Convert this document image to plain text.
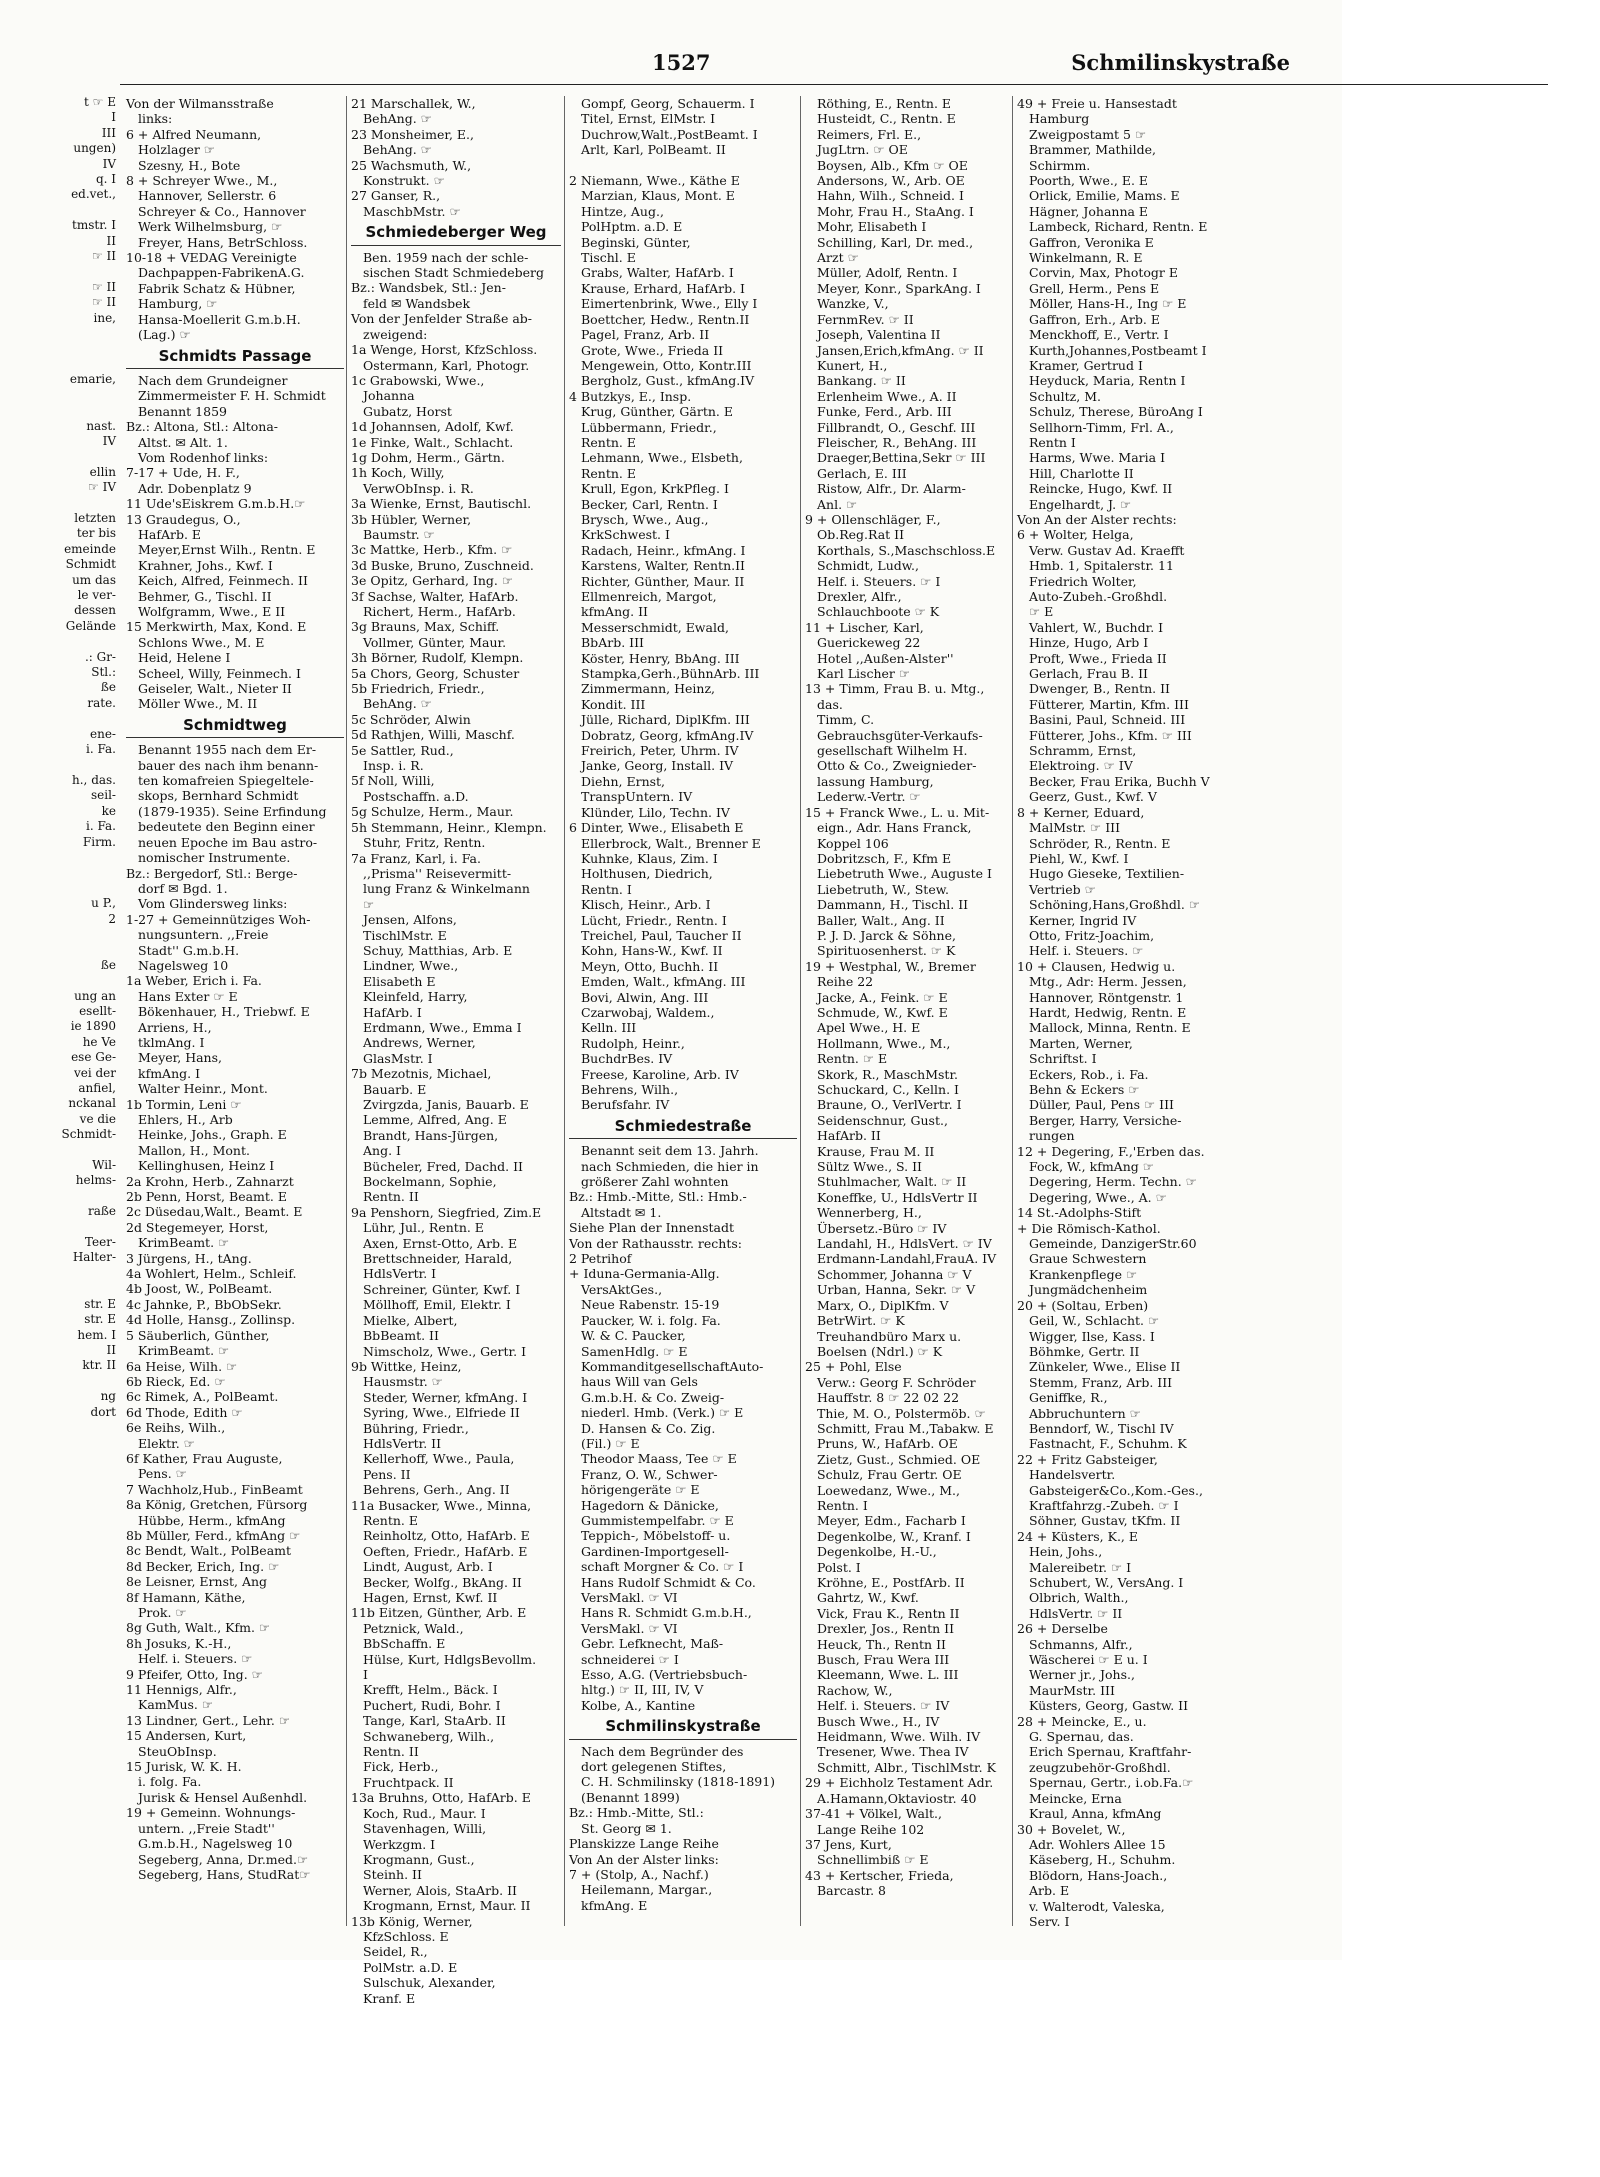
1527	Schmilinskystraße
t ☞ E
I
III
ungen)
IV
q. I
ed.vet.,

tmstr. I
II
☞ II

☞ II
☞ II
ine,

emarie,

nast.
IV

ellin
☞ IV

letzten
ter bis
emeinde
Schmidt
um das
le ver-
dessen
Gelände

.: Gr-
Stl.:
ße
rate.

ene-
i. Fa.

h., das.
seil-
ke
i. Fa.
Firm.

u P.,
2

ße

ung an
esellt-
ie 1890
he Ve
ese Ge-
vei der
anfiel,
nckanal
ve die
Schmidt-

Wil-
helms-

raße

Teer-
Halter-

str. E
str. E
hem. I
II
ktr. II

ng
dort
Von der Wilmansstraße
links:
6 + Alfred Neumann,
Holzlager ☞
Szesny, H., Bote
8 + Schreyer Wwe., M.,
Hannover, Sellerstr. 6
Schreyer & Co., Hannover
Werk Wilhelmsburg, ☞
Freyer, Hans, BetrSchloss.
10-18 + VEDAG Vereinigte
Dachpappen-FabrikenA.G.
Fabrik Schatz & Hübner,
Hamburg, ☞
Hansa-Moellerit G.m.b.H.
(Lag.) ☞
Schmidts Passage
Nach dem Grundeigner
Zimmermeister F. H. Schmidt
Benannt 1859
Bz.: Altona, Stl.: Altona-
Altst. ✉ Alt. 1.
Vom Rodenhof links:
7-17 + Ude, H. F.,
Adr. Dobenplatz 9
11 Ude'sEiskrem G.m.b.H.☞
13 Graudegus, O.,
HafArb. E
Meyer,Ernst Wilh., Rentn. E
Krahner, Johs., Kwf. I
Keich, Alfred, Feinmech. II
Behmer, G., Tischl. II
Wolfgramm, Wwe., E II
15 Merkwirth, Max, Kond. E
Schlons Wwe., M. E
Heid, Helene I
Scheel, Willy, Feinmech. I
Geiseler, Walt., Nieter II
Möller Wwe., M. II
Schmidtweg
Benannt 1955 nach dem Er-
bauer des nach ihm benann-
ten komafreien Spiegeltele-
skops, Bernhard Schmidt
(1879-1935). Seine Erfindung
bedeutete den Beginn einer
neuen Epoche im Bau astro-
nomischer Instrumente.
Bz.: Bergedorf, Stl.: Berge-
dorf ✉ Bgd. 1.
Vom Glindersweg links:
1-27 + Gemeinnütziges Woh-
nungsuntern. ,,Freie
Stadt'' G.m.b.H.
Nagelsweg 10
1a Weber, Erich i. Fa.
Hans Exter ☞ E
Bökenhauer, H., Triebwf. E
Arriens, H.,
tklmAng. I
Meyer, Hans,
kfmAng. I
Walter Heinr., Mont.
1b Tormin, Leni ☞
Ehlers, H., Arb
Heinke, Johs., Graph. E
Mallon, H., Mont.
Kellinghusen, Heinz I
2a Krohn, Herb., Zahnarzt
2b Penn, Horst, Beamt. E
2c Düsedau,Walt., Beamt. E
2d Stegemeyer, Horst,
KrimBeamt. ☞
3 Jürgens, H., tAng.
4a Wohlert, Helm., Schleif.
4b Joost, W., PolBeamt.
4c Jahnke, P., BbObSekr.
4d Holle, Hansg., Zollinsp.
5 Säuberlich, Günther,
KrimBeamt. ☞
6a Heise, Wilh. ☞
6b Rieck, Ed. ☞
6c Rimek, A., PolBeamt.
6d Thode, Edith ☞
6e Reihs, Wilh.,
Elektr. ☞
6f Kather, Frau Auguste,
Pens. ☞
7 Wachholz,Hub., FinBeamt
8a König, Gretchen, Fürsorg
Hübbe, Herm., kfmAng
8b Müller, Ferd., kfmAng ☞
8c Bendt, Walt., PolBeamt
8d Becker, Erich, Ing. ☞
8e Leisner, Ernst, Ang
8f Hamann, Käthe,
Prok. ☞
8g Guth, Walt., Kfm. ☞
8h Josuks, K.-H.,
Helf. i. Steuers. ☞
9 Pfeifer, Otto, Ing. ☞
11 Hennigs, Alfr.,
KamMus. ☞
13 Lindner, Gert., Lehr. ☞
15 Andersen, Kurt,
SteuObInsp.
15 Jurisk, W. K. H.
i. folg. Fa.
Jurisk & Hensel Außenhdl.
19 + Gemeinn. Wohnungs-
untern. ,,Freie Stadt''
G.m.b.H., Nagelsweg 10
Segeberg, Anna, Dr.med.☞
Segeberg, Hans, StudRat☞
21 Marschallek, W.,
BehAng. ☞
23 Monsheimer, E.,
BehAng. ☞
25 Wachsmuth, W.,
Konstrukt. ☞
27 Ganser, R.,
MaschbMstr. ☞
Schmiedeberger Weg
Ben. 1959 nach der schle-
sischen Stadt Schmiedeberg
Bz.: Wandsbek, Stl.: Jen-
feld ✉ Wandsbek
Von der Jenfelder Straße ab-
zweigend:
1a Wenge, Horst, KfzSchloss.
Ostermann, Karl, Photogr.
1c Grabowski, Wwe.,
Johanna
Gubatz, Horst
1d Johannsen, Adolf, Kwf.
1e Finke, Walt., Schlacht.
1g Dohm, Herm., Gärtn.
1h Koch, Willy,
VerwObInsp. i. R.
3a Wienke, Ernst, Bautischl.
3b Hübler, Werner,
Baumstr. ☞
3c Mattke, Herb., Kfm. ☞
3d Buske, Bruno, Zuschneid.
3e Opitz, Gerhard, Ing. ☞
3f Sachse, Walter, HafArb.
Richert, Herm., HafArb.
3g Brauns, Max, Schiff.
Vollmer, Günter, Maur.
3h Börner, Rudolf, Klempn.
5a Chors, Georg, Schuster
5b Friedrich, Friedr.,
BehAng. ☞
5c Schröder, Alwin
5d Rathjen, Willi, Maschf.
5e Sattler, Rud.,
Insp. i. R.
5f Noll, Willi,
Postschaffn. a.D.
5g Schulze, Herm., Maur.
5h Stemmann, Heinr., Klempn.
Stuhr, Fritz, Rentn.
7a Franz, Karl, i. Fa.
,,Prisma'' Reisevermitt-
lung Franz & Winkelmann
☞
Jensen, Alfons,
TischlMstr. E
Schuy, Matthias, Arb. E
Lindner, Wwe.,
Elisabeth E
Kleinfeld, Harry,
HafArb. I
Erdmann, Wwe., Emma I
Andrews, Werner,
GlasMstr. I
7b Mezotnis, Michael,
Bauarb. E
Zvirgzda, Janis, Bauarb. E
Lemme, Alfred, Ang. E
Brandt, Hans-Jürgen,
Ang. I
Bücheler, Fred, Dachd. II
Bockelmann, Sophie,
Rentn. II
9a Penshorn, Siegfried, Zim.E
Lühr, Jul., Rentn. E
Axen, Ernst-Otto, Arb. E
Brettschneider, Harald,
HdlsVertr. I
Schreiner, Günter, Kwf. I
Möllhoff, Emil, Elektr. I
Mielke, Albert,
BbBeamt. II
Nimscholz, Wwe., Gertr. I
9b Wittke, Heinz,
Hausmstr. ☞
Steder, Werner, kfmAng. I
Syring, Wwe., Elfriede II
Bühring, Friedr.,
HdlsVertr. II
Kellerhoff, Wwe., Paula,
Pens. II
Behrens, Gerh., Ang. II
11a Busacker, Wwe., Minna,
Rentn. E
Reinholtz, Otto, HafArb. E
Oeften, Friedr., HafArb. E
Lindt, August, Arb. I
Becker, Wolfg., BkAng. II
Hagen, Ernst, Kwf. II
11b Eitzen, Günther, Arb. E
Petznick, Wald.,
BbSchaffn. E
Hülse, Kurt, HdlgsBevollm.
I
Krefft, Helm., Bäck. I
Puchert, Rudi, Bohr. I
Tange, Karl, StaArb. II
Schwaneberg, Wilh.,
Rentn. II
Fick, Herb.,
Fruchtpack. II
13a Bruhns, Otto, HafArb. E
Koch, Rud., Maur. I
Stavenhagen, Willi,
Werkzgm. I
Krogmann, Gust.,
Steinh. II
Werner, Alois, StaArb. II
Krogmann, Ernst, Maur. II
13b König, Werner,
KfzSchloss. E
Seidel, R.,
PolMstr. a.D. E
Sulschuk, Alexander,
Kranf. E
Gompf, Georg, Schauerm. I
Titel, Ernst, ElMstr. I
Duchrow,Walt.,PostBeamt. I
Arlt, Karl, PolBeamt. II

2 Niemann, Wwe., Käthe E
Marzian, Klaus, Mont. E
Hintze, Aug.,
PolHptm. a.D. E
Beginski, Günter,
Tischl. E
Grabs, Walter, HafArb. I
Krause, Erhard, HafArb. I
Eimertenbrink, Wwe., Elly I
Boettcher, Hedw., Rentn.II
Pagel, Franz, Arb. II
Grote, Wwe., Frieda II
Mengewein, Otto, Kontr.III
Bergholz, Gust., kfmAng.IV
4 Butzkys, E., Insp.
Krug, Günther, Gärtn. E
Lübbermann, Friedr.,
Rentn. E
Lehmann, Wwe., Elsbeth,
Rentn. E
Krull, Egon, KrkPfleg. I
Becker, Carl, Rentn. I
Brysch, Wwe., Aug.,
KrkSchwest. I
Radach, Heinr., kfmAng. I
Karstens, Walter, Rentn.II
Richter, Günther, Maur. II
Ellmenreich, Margot,
kfmAng. II
Messerschmidt, Ewald,
BbArb. III
Köster, Henry, BbAng. III
Stampka,Gerh.,BühnArb. III
Zimmermann, Heinz,
Kondit. III
Jülle, Richard, DiplKfm. III
Dobratz, Georg, kfmAng.IV
Freirich, Peter, Uhrm. IV
Janke, Georg, Install. IV
Diehn, Ernst,
TranspUntern. IV
Klünder, Lilo, Techn. IV
6 Dinter, Wwe., Elisabeth E
Ellerbrock, Walt., Brenner E
Kuhnke, Klaus, Zim. I
Holthusen, Diedrich,
Rentn. I
Klisch, Heinr., Arb. I
Lücht, Friedr., Rentn. I
Treichel, Paul, Taucher II
Kohn, Hans-W., Kwf. II
Meyn, Otto, Buchh. II
Emden, Walt., kfmAng. III
Bovi, Alwin, Ang. III
Czarwobaj, Waldem.,
Kelln. III
Rudolph, Heinr.,
BuchdrBes. IV
Freese, Karoline, Arb. IV
Behrens, Wilh.,
Berufsfahr. IV
Schmiedestraße
Benannt seit dem 13. Jahrh.
nach Schmieden, die hier in
größerer Zahl wohnten
Bz.: Hmb.-Mitte, Stl.: Hmb.-
Altstadt ✉ 1.
Siehe Plan der Innenstadt
Von der Rathausstr. rechts:
2 Petrihof
+ Iduna-Germania-Allg.
VersAktGes.,
Neue Rabenstr. 15-19
Paucker, W. i. folg. Fa.
W. & C. Paucker,
SamenHdlg. ☞ E
KommanditgesellschaftAuto-
haus Will van Gels
G.m.b.H. & Co. Zweig-
niederl. Hmb. (Verk.) ☞ E
D. Hansen & Co. Zig.
(Fil.) ☞ E
Theodor Maass, Tee ☞ E
Franz, O. W., Schwer-
hörigengeräte ☞ E
Hagedorn & Dänicke,
Gummistempelfabr. ☞ E
Teppich-, Möbelstoff- u.
Gardinen-Importgesell-
schaft Morgner & Co. ☞ I
Hans Rudolf Schmidt & Co.
VersMakl. ☞ VI
Hans R. Schmidt G.m.b.H.,
VersMakl. ☞ VI
Gebr. Lefknecht, Maß-
schneiderei ☞ I
Esso, A.G. (Vertriebsbuch-
hltg.) ☞ II, III, IV, V
Kolbe, A., Kantine
Schmilinskystraße
Nach dem Begründer des
dort gelegenen Stiftes,
C. H. Schmilinsky (1818-1891)
(Benannt 1899)
Bz.: Hmb.-Mitte, Stl.:
St. Georg ✉ 1.
Planskizze Lange Reihe
Von An der Alster links:
7 + (Stolp, A., Nachf.)
Heilemann, Margar.,
kfmAng. E
Röthing, E., Rentn. E
Husteidt, C., Rentn. E
Reimers, Frl. E.,
JugLtrn. ☞ OE
Boysen, Alb., Kfm ☞ OE
Andersons, W., Arb. OE
Hahn, Wilh., Schneid. I
Mohr, Frau H., StaAng. I
Mohr, Elisabeth I
Schilling, Karl, Dr. med.,
Arzt ☞
Müller, Adolf, Rentn. I
Meyer, Konr., SparkAng. I
Wanzke, V.,
FernmRev. ☞ II
Joseph, Valentina II
Jansen,Erich,kfmAng. ☞ II
Kunert, H.,
Bankang. ☞ II
Erlenheim Wwe., A. II
Funke, Ferd., Arb. III
Fillbrandt, O., Geschf. III
Fleischer, R., BehAng. III
Draeger,Bettina,Sekr ☞ III
Gerlach, E. III
Ristow, Alfr., Dr. Alarm-
Anl. ☞
9 + Ollenschläger, F.,
Ob.Reg.Rat II
Korthals, S.,Maschschloss.E
Schmidt, Ludw.,
Helf. i. Steuers. ☞ I
Drexler, Alfr.,
Schlauchboote ☞ K
11 + Lischer, Karl,
Guerickeweg 22
Hotel ,,Außen-Alster''
Karl Lischer ☞
13 + Timm, Frau B. u. Mtg.,
das.
Timm, C.
Gebrauchsgüter-Verkaufs-
gesellschaft Wilhelm H.
Otto & Co., Zweignieder-
lassung Hamburg,
Lederw.-Vertr. ☞
15 + Franck Wwe., L. u. Mit-
eign., Adr. Hans Franck,
Koppel 106
Dobritzsch, F., Kfm E
Liebetruth Wwe., Auguste I
Liebetruth, W., Stew.
Dammann, H., Tischl. II
Baller, Walt., Ang. II
P. J. D. Jarck & Söhne,
Spirituosenherst. ☞ K
19 + Westphal, W., Bremer
Reihe 22
Jacke, A., Feink. ☞ E
Schmude, W., Kwf. E
Apel Wwe., H. E
Hollmann, Wwe., M.,
Rentn. ☞ E
Skork, R., MaschMstr.
Schuckard, C., Kelln. I
Braune, O., VerlVertr. I
Seidenschnur, Gust.,
HafArb. II
Krause, Frau M. II
Sültz Wwe., S. II
Stuhlmacher, Walt. ☞ II
Koneffke, U., HdlsVertr II
Wennerberg, H.,
Übersetz.-Büro ☞ IV
Landahl, H., HdlsVert. ☞ IV
Erdmann-Landahl,FrauA. IV
Schommer, Johanna ☞ V
Urban, Hanna, Sekr. ☞ V
Marx, O., DiplKfm. V
BetrWirt. ☞ K
Treuhandbüro Marx u.
Boelsen (Ndrl.) ☞ K
25 + Pohl, Else
Verw.: Georg F. Schröder
Hauffstr. 8 ☞ 22 02 22
Thie, M. O., Polstermöb. ☞
Schmitt, Frau M.,Tabakw. E
Pruns, W., HafArb. OE
Zietz, Gust., Schmied. OE
Schulz, Frau Gertr. OE
Loewedanz, Wwe., M.,
Rentn. I
Meyer, Edm., Facharb I
Degenkolbe, W., Kranf. I
Degenkolbe, H.-U.,
Polst. I
Kröhne, E., PostfArb. II
Gahrtz, W., Kwf.
Vick, Frau K., Rentn II
Drexler, Jos., Rentn II
Heuck, Th., Rentn II
Busch, Frau Wera III
Kleemann, Wwe. L. III
Rachow, W.,
Helf. i. Steuers. ☞ IV
Busch Wwe., H., IV
Heidmann, Wwe. Wilh. IV
Tresener, Wwe. Thea IV
Schmitt, Albr., TischlMstr. K
29 + Eichholz Testament Adr.
A.Hamann,Oktaviostr. 40
37-41 + Völkel, Walt.,
Lange Reihe 102
37 Jens, Kurt,
Schnellimbiß ☞ E
43 + Kertscher, Frieda,
Barcastr. 8
49 + Freie u. Hansestadt
Hamburg
Zweigpostamt 5 ☞
Brammer, Mathilde,
Schirmm.
Poorth, Wwe., E. E
Orlick, Emilie, Mams. E
Hägner, Johanna E
Lambeck, Richard, Rentn. E
Gaffron, Veronika E
Winkelmann, R. E
Corvin, Max, Photogr E
Grell, Herm., Pens E
Möller, Hans-H., Ing ☞ E
Gaffron, Erh., Arb. E
Menckhoff, E., Vertr. I
Kurth,Johannes,Postbeamt I
Kramer, Gertrud I
Heyduck, Maria, Rentn I
Schultz, M.
Schulz, Therese, BüroAng I
Sellhorn-Timm, Frl. A.,
Rentn I
Harms, Wwe. Maria I
Hill, Charlotte II
Reincke, Hugo, Kwf. II
Engelhardt, J. ☞
Von An der Alster rechts:
6 + Wolter, Helga,
Verw. Gustav Ad. Kraefft
Hmb. 1, Spitalerstr. 11
Friedrich Wolter,
Auto-Zubeh.-Großhdl.
☞ E
Vahlert, W., Buchdr. I
Hinze, Hugo, Arb I
Proft, Wwe., Frieda II
Gerlach, Frau B. II
Dwenger, B., Rentn. II
Fütterer, Martin, Kfm. III
Basini, Paul, Schneid. III
Fütterer, Johs., Kfm. ☞ III
Schramm, Ernst,
Elektroing. ☞ IV
Becker, Frau Erika, Buchh V
Geerz, Gust., Kwf. V
8 + Kerner, Eduard,
MalMstr. ☞ III
Schröder, R., Rentn. E
Piehl, W., Kwf. I
Hugo Gieseke, Textilien-
Vertrieb ☞
Schöning,Hans,Großhdl. ☞
Kerner, Ingrid IV
Otto, Fritz-Joachim,
Helf. i. Steuers. ☞
10 + Clausen, Hedwig u.
Mtg., Adr: Herm. Jessen,
Hannover, Röntgenstr. 1
Hardt, Hedwig, Rentn. E
Mallock, Minna, Rentn. E
Marten, Werner,
Schriftst. I
Eckers, Rob., i. Fa.
Behn & Eckers ☞
Düller, Paul, Pens ☞ III
Berger, Harry, Versiche-
rungen
12 + Degering, F.,'Erben das.
Fock, W., kfmAng ☞
Degering, Herm. Techn. ☞
Degering, Wwe., A. ☞
14 St.-Adolphs-Stift
+ Die Römisch-Kathol.
Gemeinde, DanzigerStr.60
Graue Schwestern
Krankenpflege ☞
Jungmädchenheim
20 + (Soltau, Erben)
Geil, W., Schlacht. ☞
Wigger, Ilse, Kass. I
Böhmke, Gertr. II
Zünkeler, Wwe., Elise II
Stemm, Franz, Arb. III
Geniffke, R.,
Abbruchuntern ☞
Benndorf, W., Tischl IV
Fastnacht, F., Schuhm. K
22 + Fritz Gabsteiger,
Handelsvertr.
Gabsteiger&Co.,Kom.-Ges.,
Kraftfahrzg.-Zubeh. ☞ I
Söhner, Gustav, tKfm. II
24 + Küsters, K., E
Hein, Johs.,
Malereibetr. ☞ I
Schubert, W., VersAng. I
Olbrich, Walth.,
HdlsVertr. ☞ II
26 + Derselbe
Schmanns, Alfr.,
Wäscherei ☞ E u. I
Werner jr., Johs.,
MaurMstr. III
Küsters, Georg, Gastw. II
28 + Meincke, E., u.
G. Spernau, das.
Erich Spernau, Kraftfahr-
zeugzubehör-Großhdl.
Spernau, Gertr., i.ob.Fa.☞
Meincke, Erna
Kraul, Anna, kfmAng
30 + Bovelet, W.,
Adr. Wohlers Allee 15
Käseberg, H., Schuhm.
Blödorn, Hans-Joach.,
Arb. E
v. Walterodt, Valeska,
Serv. I
